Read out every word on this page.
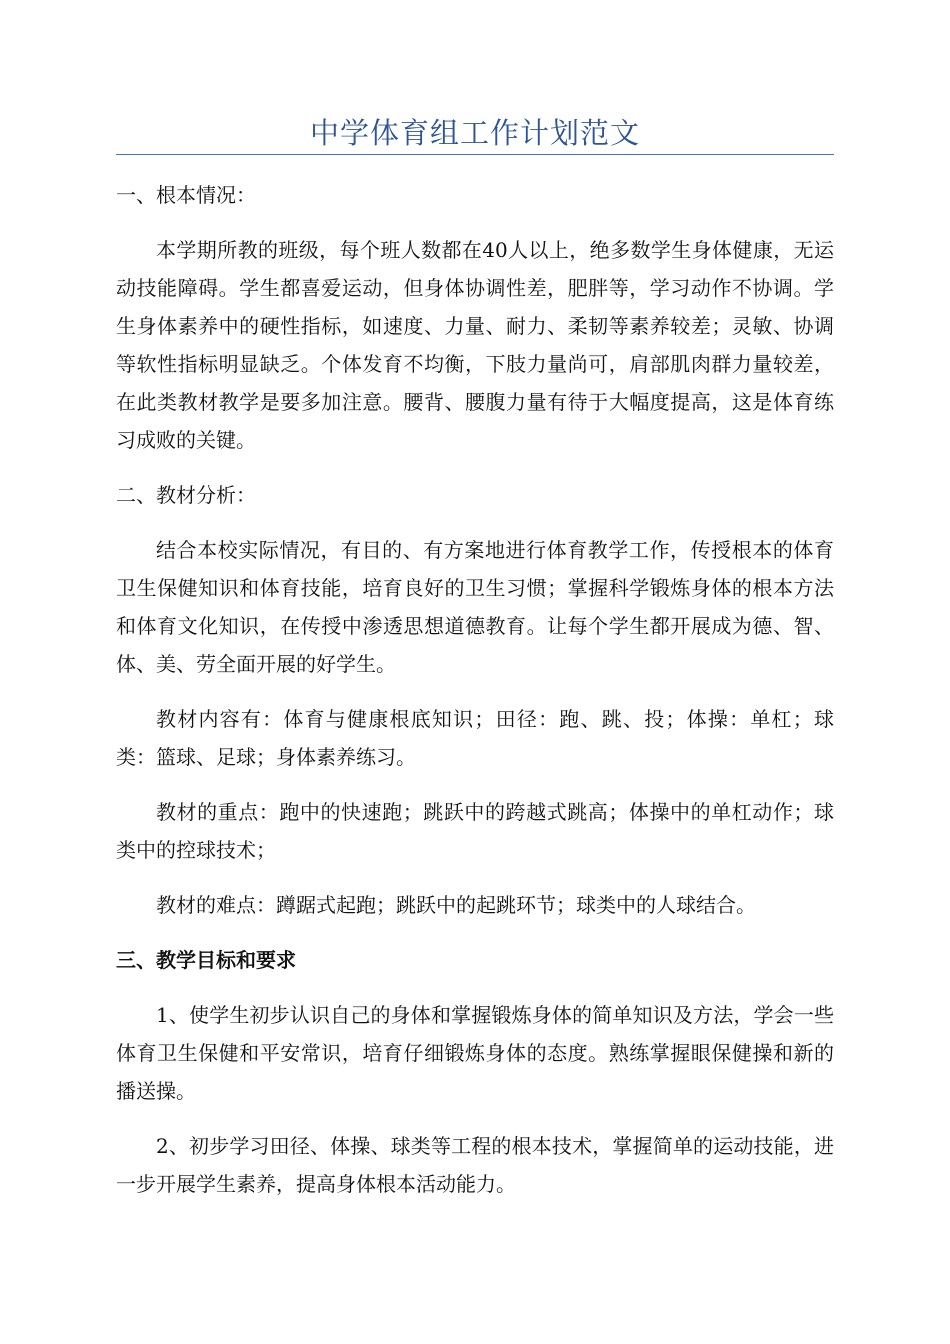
中学体育组工作计划范文

一、根本情况：

本学期所教的班级，每个班人数都在40人以上，绝多数学生身体健康，无运动技能障碍。学生都喜爱运动，但身体协调性差，肥胖等，学习动作不协调。学生身体素养中的硬性指标，如速度、力量、耐力、柔韧等素养较差；灵敏、协调等软性指标明显缺乏。个体发育不均衡，下肢力量尚可，肩部肌肉群力量较差，在此类教材教学是要多加注意。腰背、腰腹力量有待于大幅度提高，这是体育练习成败的关键。

二、教材分析：

结合本校实际情况，有目的、有方案地进行体育教学工作，传授根本的体育卫生保健知识和体育技能，培育良好的卫生习惯；掌握科学锻炼身体的根本方法和体育文化知识，在传授中渗透思想道德教育。让每个学生都开展成为德、智、体、美、劳全面开展的好学生。

教材内容有：体育与健康根底知识；田径：跑、跳、投；体操：单杠；球类：篮球、足球；身体素养练习。

教材的重点：跑中的快速跑；跳跃中的跨越式跳高；体操中的单杠动作；球类中的控球技术；

教材的难点：蹲踞式起跑；跳跃中的起跳环节；球类中的人球结合。

三、教学目标和要求

1、使学生初步认识自己的身体和掌握锻炼身体的简单知识及方法，学会一些体育卫生保健和平安常识，培育仔细锻炼身体的态度。熟练掌握眼保健操和新的播送操。

2、初步学习田径、体操、球类等工程的根本技术，掌握简单的运动技能，进一步开展学生素养，提高身体根本活动能力。
